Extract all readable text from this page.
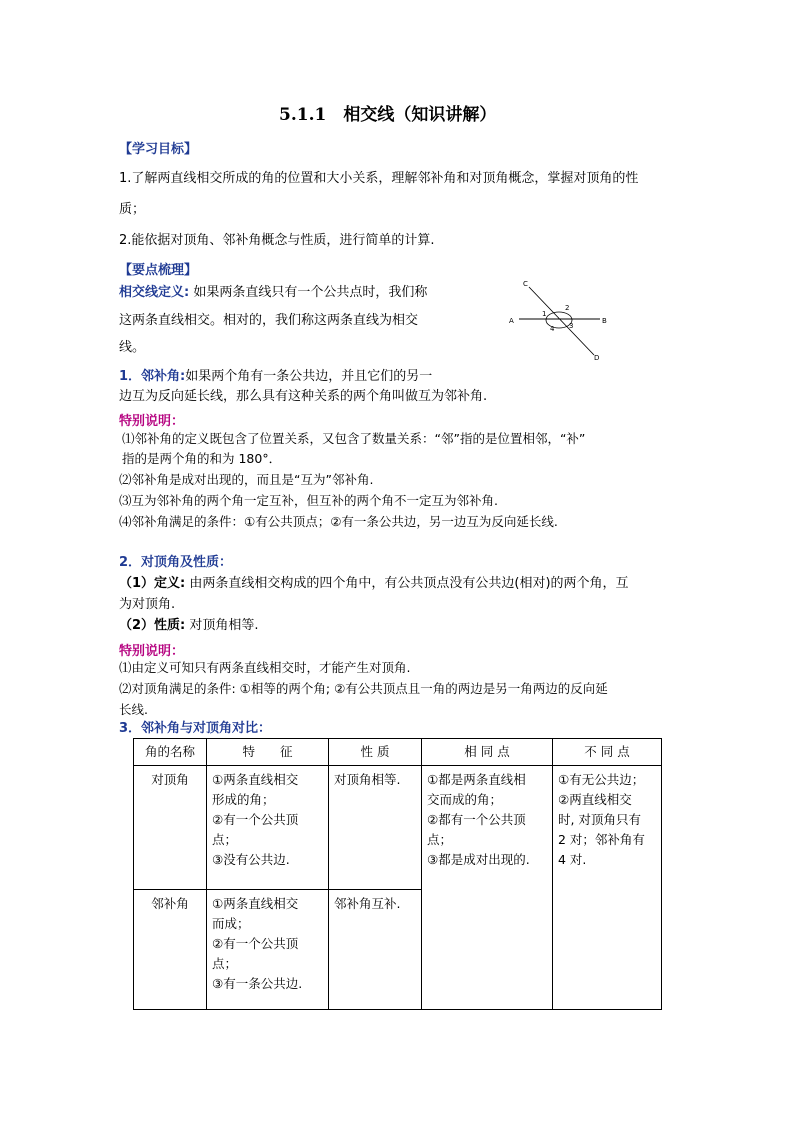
5.1.1　相交线（知识讲解）
【学习目标】
1.了解两直线相交所成的角的位置和大小关系，理解邻补角和对顶角概念，掌握对顶角的性
质；
2.能依据对顶角、邻补角概念与性质，进行简单的计算.
【要点梳理】
相交线定义: 如果两条直线只有一个公共点时，我们称
这两条直线相交。相对的，我们称这两条直线为相交
线。
A	B
C
D
1
2
3
4
1．邻补角:如果两个角有一条公共边，并且它们的另一
边互为反向延长线，那么具有这种关系的两个角叫做互为邻补角.
特别说明：
⑴邻补角的定义既包含了位置关系，又包含了数量关系：“邻”指的是位置相邻，“补”
指的是两个角的和为 180°．
⑵邻补角是成对出现的，而且是“互为”邻补角.
⑶互为邻补角的两个角一定互补，但互补的两个角不一定互为邻补角.
⑷邻补角满足的条件：①有公共顶点；②有一条公共边，另一边互为反向延长线.
2．对顶角及性质：
（1）定义: 由两条直线相交构成的四个角中，有公共顶点没有公共边(相对)的两个角，互
为对顶角.
（2）性质: 对顶角相等.
特别说明：
⑴由定义可知只有两条直线相交时，才能产生对顶角.
⑵对顶角满足的条件: ①相等的两个角; ②有公共顶点且一角的两边是另一角两边的反向延
长线.
3．邻补角与对顶角对比：
角的名称	特　　征	性 质	相 同 点	不 同 点
对顶角	①两条直线相交
形成的角；
②有一个公共顶
点；
③没有公共边.	对顶角相等.	①都是两条直线相
交而成的角；
②都有一个公共顶
点；
③都是成对出现的.	①有无公共边；
②两直线相交
时, 对顶角只有
2 对；邻补角有
4 对.

邻补角	①两条直线相交
而成；
②有一个公共顶
点；
③有一条公共边.	邻补角互补.		
